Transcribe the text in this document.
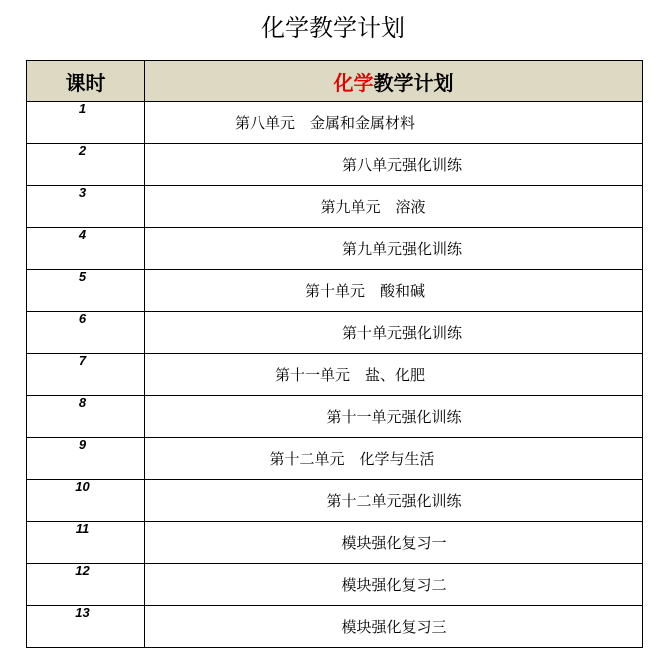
化学教学计划
课时	化学教学计划
1	第八单元　金属和金属材料
2	第八单元强化训练
3	第九单元　溶液
4	第九单元强化训练
5	第十单元　酸和碱
6	第十单元强化训练
7	第十一单元　盐、化肥
8	第十一单元强化训练
9	第十二单元　化学与生活
10	第十二单元强化训练
11	模块强化复习一
12	模块强化复习二
13	模块强化复习三
